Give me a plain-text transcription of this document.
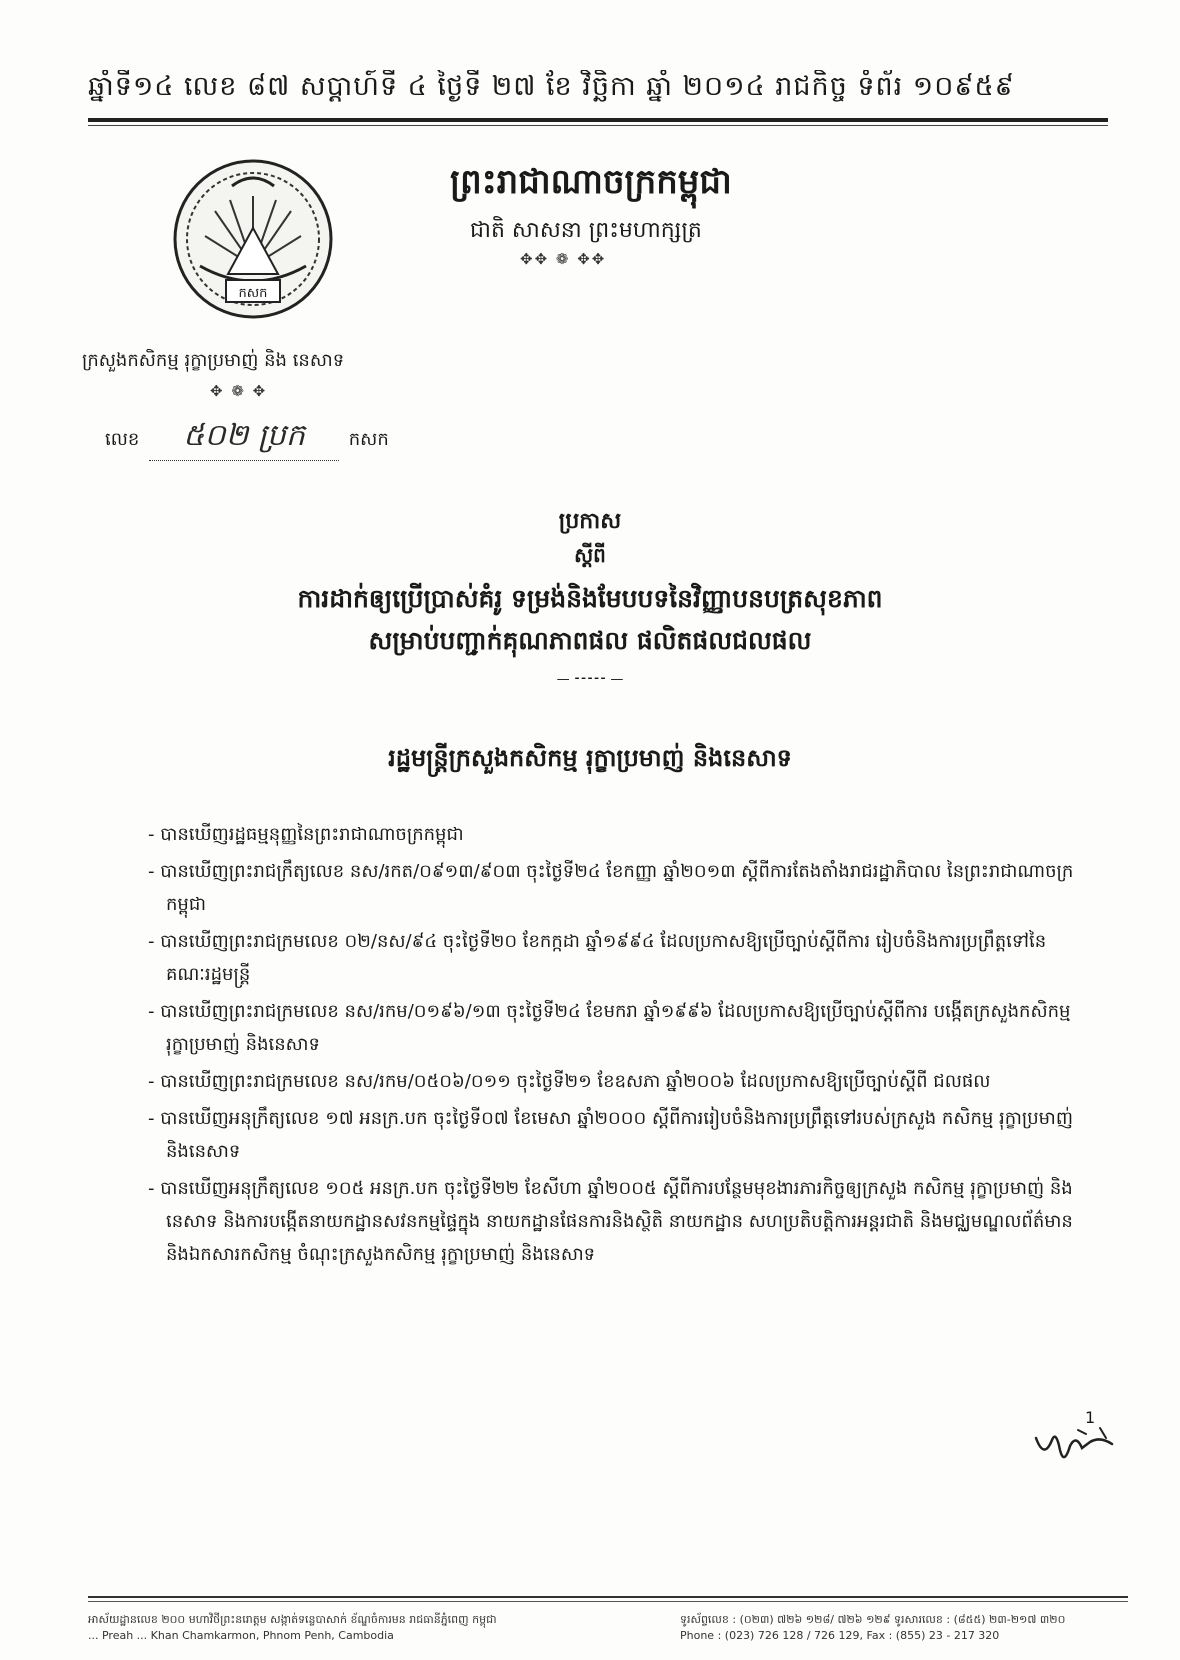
ឆ្នាំទី១៤ លេខ ៨៧ សប្តាហ៍ទី ៤ ថ្ងៃទី ២៧ ខែ វិច្ឆិកា ឆ្នាំ ២០១៤ រាជកិច្ច ទំព័រ ១០៩៥៩
កសក
ព្រះរាជាណាចក្រកម្ពុជា
ជាតិ សាសនា ព្រះមហាក្សត្រ
✥✥ ❁ ✥✥
ក្រសួងកសិកម្ម រុក្ខាប្រមាញ់ និង នេសាទ
✥ ❁ ✥
លេខ ៥០២ ប្រក កសក
ប្រកាស
ស្តីពី
ការដាក់ឲ្យប្រើប្រាស់គំរូ ទម្រង់និងមែបបទនៃវិញ្ញាបនបត្រសុខភាព
សម្រាប់បញ្ជាក់គុណភាពផល ផលិតផលជលផល
— ⁃⁃⁃⁃⁃ —
រដ្ឋមន្ត្រីក្រសួងកសិកម្ម រុក្ខាប្រមាញ់ និងនេសាទ
- បានឃើញរដ្ឋធម្មនុញ្ញនៃព្រះរាជាណាចក្រកម្ពុជា
- បានឃើញព្រះរាជក្រឹត្យលេខ នស/រកត/០៩១៣/៩០៣ ចុះថ្ងៃទី២៤ ខែកញ្ញា ឆ្នាំ២០១៣ ស្តីពីការតែងតាំងរាជរដ្ឋាភិបាល នៃព្រះរាជាណាចក្រកម្ពុជា
- បានឃើញព្រះរាជក្រមលេខ ០២/នស/៩៤ ចុះថ្ងៃទី២០ ខែកក្កដា ឆ្នាំ១៩៩៤ ដែលប្រកាសឱ្យប្រើច្បាប់ស្តីពីការ រៀបចំនិងការប្រព្រឹត្តទៅនៃគណៈរដ្ឋមន្ត្រី
- បានឃើញព្រះរាជក្រមលេខ នស/រកម/០១៩៦/១៣ ចុះថ្ងៃទី២៤ ខែមករា ឆ្នាំ១៩៩៦ ដែលប្រកាសឱ្យប្រើច្បាប់ស្តីពីការ បង្កើតក្រសួងកសិកម្ម រុក្ខាប្រមាញ់ និងនេសាទ
- បានឃើញព្រះរាជក្រមលេខ នស/រកម/០៥០៦/០១១ ចុះថ្ងៃទី២១ ខែឧសភា ឆ្នាំ២០០៦ ដែលប្រកាសឱ្យប្រើច្បាប់ស្តីពី ជលផល
- បានឃើញអនុក្រឹត្យលេខ ១៧ អនក្រ.បក ចុះថ្ងៃទី០៧ ខែមេសា ឆ្នាំ២០០០ ស្តីពីការរៀបចំនិងការប្រព្រឹត្តទៅរបស់ក្រសួង កសិកម្ម រុក្ខាប្រមាញ់ និងនេសាទ
- បានឃើញអនុក្រឹត្យលេខ ១០៥ អនក្រ.បក ចុះថ្ងៃទី២២ ខែសីហា ឆ្នាំ២០០៥ ស្តីពីការបន្ថែមមុខងារភារកិច្ចឲ្យក្រសួង កសិកម្ម រុក្ខាប្រមាញ់ និងនេសាទ និងការបង្កើតនាយកដ្ឋានសវនកម្មផ្ទៃក្នុង នាយកដ្ឋានផែនការនិងស្ថិតិ នាយកដ្ឋាន សហប្រតិបត្តិការអន្តរជាតិ និងមជ្ឈមណ្ឌលព័ត៌មាននិងឯកសារកសិកម្ម ចំណុះក្រសួងកសិកម្ម រុក្ខាប្រមាញ់ និងនេសាទ
1
អាស័យដ្ឋានលេខ ២០០ មហាវិថីព្រះនរោត្តម សង្កាត់ទន្លេបាសាក់ ខ័ណ្ឌចំការមន រាជធានីភ្នំពេញ កម្ពុជា
... Preah ... Khan Chamkarmon, Phnom Penh, Cambodia
ទូរស័ព្ទលេខ : (០២៣) ៧២៦ ១២៨/ ៧២៦ ១២៩ ទូរសារលេខ : (៨៥៥) ២៣-២១៧ ៣២០
Phone : (023) 726 128 / 726 129, Fax : (855) 23 - 217 320
